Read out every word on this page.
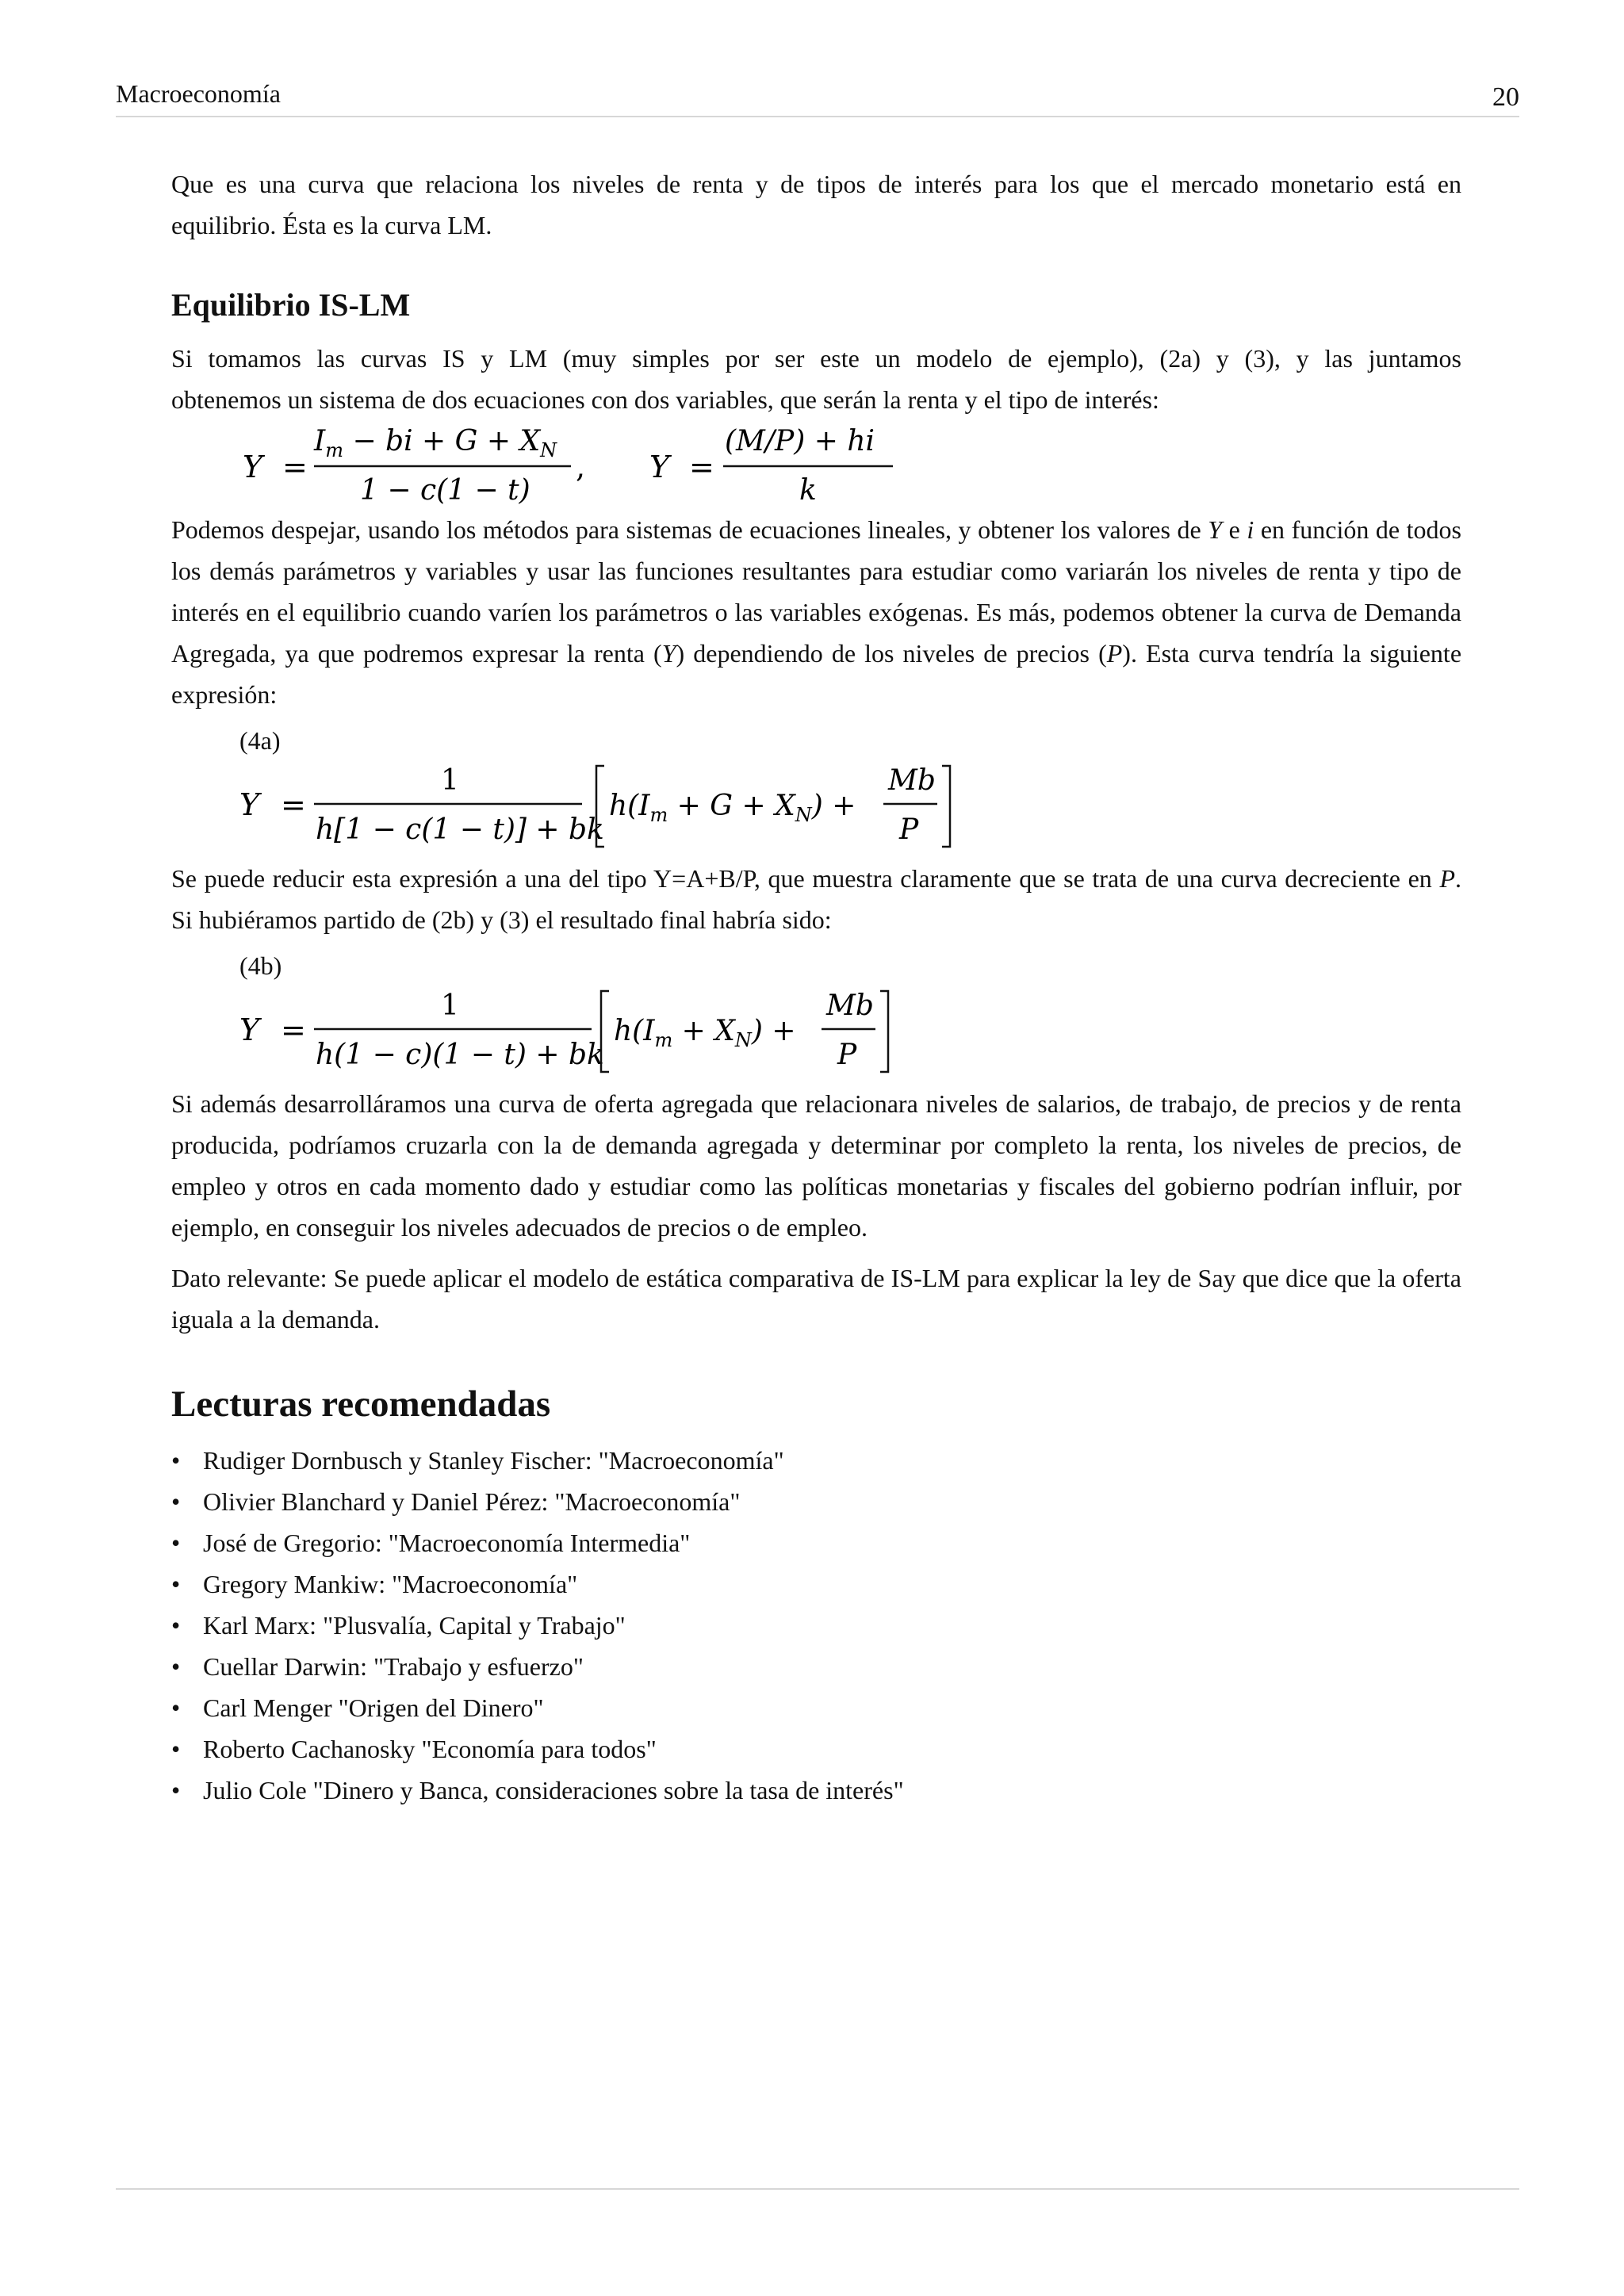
Macroeconomía	20

Que es una curva que relaciona los niveles de renta y de tipos de interés para los que el mercado monetario está en

equilibrio. Ésta es la curva LM.

Equilibrio IS-LM

Si tomamos las curvas IS y LM (muy simples por ser este un modelo de ejemplo), (2a) y (3), y las juntamos

obtenemos un sistema de dos ecuaciones con dos variables, que serán la renta y el tipo de interés:

Y =
$I_m$ − bi + $G + X_N$
1 − c(1 − t)
, Y =
(M/P) + hi
k

Podemos despejar, usando los métodos para sistemas de ecuaciones lineales, y obtener los valores de Y e i en función de todos los demás parámetros y variables y usar las funciones resultantes para estudiar como variarán los niveles de renta y tipo de interés en el equilibrio cuando varíen los parámetros o las variables exógenas. Es más, podemos obtener la curva de Demanda Agregada, ya que podremos expresar la renta (Y) dependiendo de los niveles de precios (P). Esta curva tendría la siguiente expresión:

(4a)
Y =
1
h[1 − c(1 − t)] + bk
$h(I_m + G + X_N)$ +
Mb
P

Se puede reducir esta expresión a una del tipo Y=A+B/P, que muestra claramente que se trata de una curva decreciente en P. Si hubiéramos partido de (2b) y (3) el resultado final habría sido:

(4b)
Y =
1
h(1 − c)(1 − t) + bk
$h(I_m + X_N)$ +
Mb
P

Si además desarrolláramos una curva de oferta agregada que relacionara niveles de salarios, de trabajo, de precios y de renta producida, podríamos cruzarla con la de demanda agregada y determinar por completo la renta, los niveles de precios, de empleo y otros en cada momento dado y estudiar como las políticas monetarias y fiscales del gobierno podrían influir, por ejemplo, en conseguir los niveles adecuados de precios o de empleo.

Dato relevante: Se puede aplicar el modelo de estática comparativa de IS-LM para explicar la ley de Say que dice que la oferta iguala a la demanda.

Lecturas recomendadas
• Rudiger Dornbusch y Stanley Fischer: "Macroeconomía"
• Olivier Blanchard y Daniel Pérez: "Macroeconomía"
• José de Gregorio: "Macroeconomía Intermedia"
• Gregory Mankiw: "Macroeconomía"
• Karl Marx: "Plusvalía, Capital y Trabajo"
• Cuellar Darwin: "Trabajo y esfuerzo"
• Carl Menger "Origen del Dinero"
• Roberto Cachanosky "Economía para todos"
• Julio Cole "Dinero y Banca, consideraciones sobre la tasa de interés"
